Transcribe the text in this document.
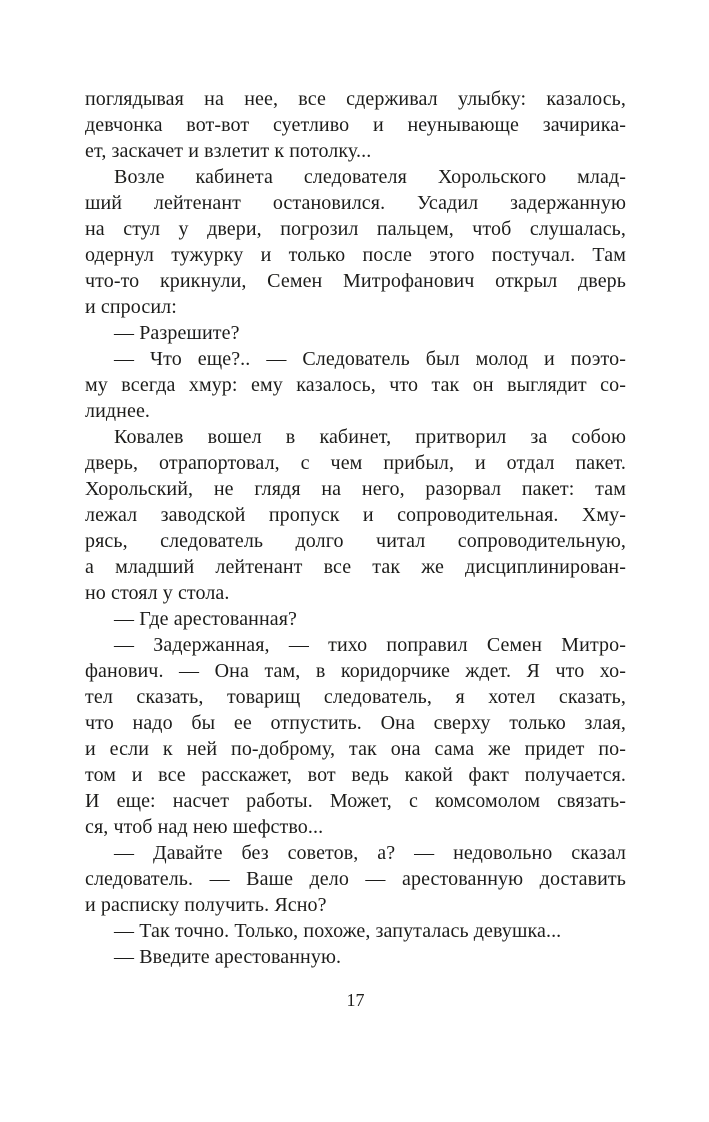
поглядывая на нее, все сдерживал улыбку: казалось,
девчонка вот-вот суетливо и неунывающе зачирика-
ет, заскачет и взлетит к потолку...
Возле кабинета следователя Хорольского млад-
ший лейтенант остановился. Усадил задержанную
на стул у двери, погрозил пальцем, чтоб слушалась,
одернул тужурку и только после этого постучал. Там
что-то крикнули, Семен Митрофанович открыл дверь
и спросил:
— Разрешите?
— Что еще?.. — Следователь был молод и поэто-
му всегда хмур: ему казалось, что так он выглядит со-
лиднее.
Ковалев вошел в кабинет, притворил за собою
дверь, отрапортовал, с чем прибыл, и отдал пакет.
Хорольский, не глядя на него, разорвал пакет: там
лежал заводской пропуск и сопроводительная. Хму-
рясь, следователь долго читал сопроводительную,
а младший лейтенант все так же дисциплинирован-
но стоял у стола.
— Где арестованная?
— Задержанная, — тихо поправил Семен Митро-
фанович. — Она там, в коридорчике ждет. Я что хо-
тел сказать, товарищ следователь, я хотел сказать,
что надо бы ее отпустить. Она сверху только злая,
и если к ней по-доброму, так она сама же придет по-
том и все расскажет, вот ведь какой факт получается.
И еще: насчет работы. Может, с комсомолом связать-
ся, чтоб над нею шефство...
— Давайте без советов, а? — недовольно сказал
следователь. — Ваше дело — арестованную доставить
и расписку получить. Ясно?
— Так точно. Только, похоже, запуталась девушка...
— Введите арестованную.
17
